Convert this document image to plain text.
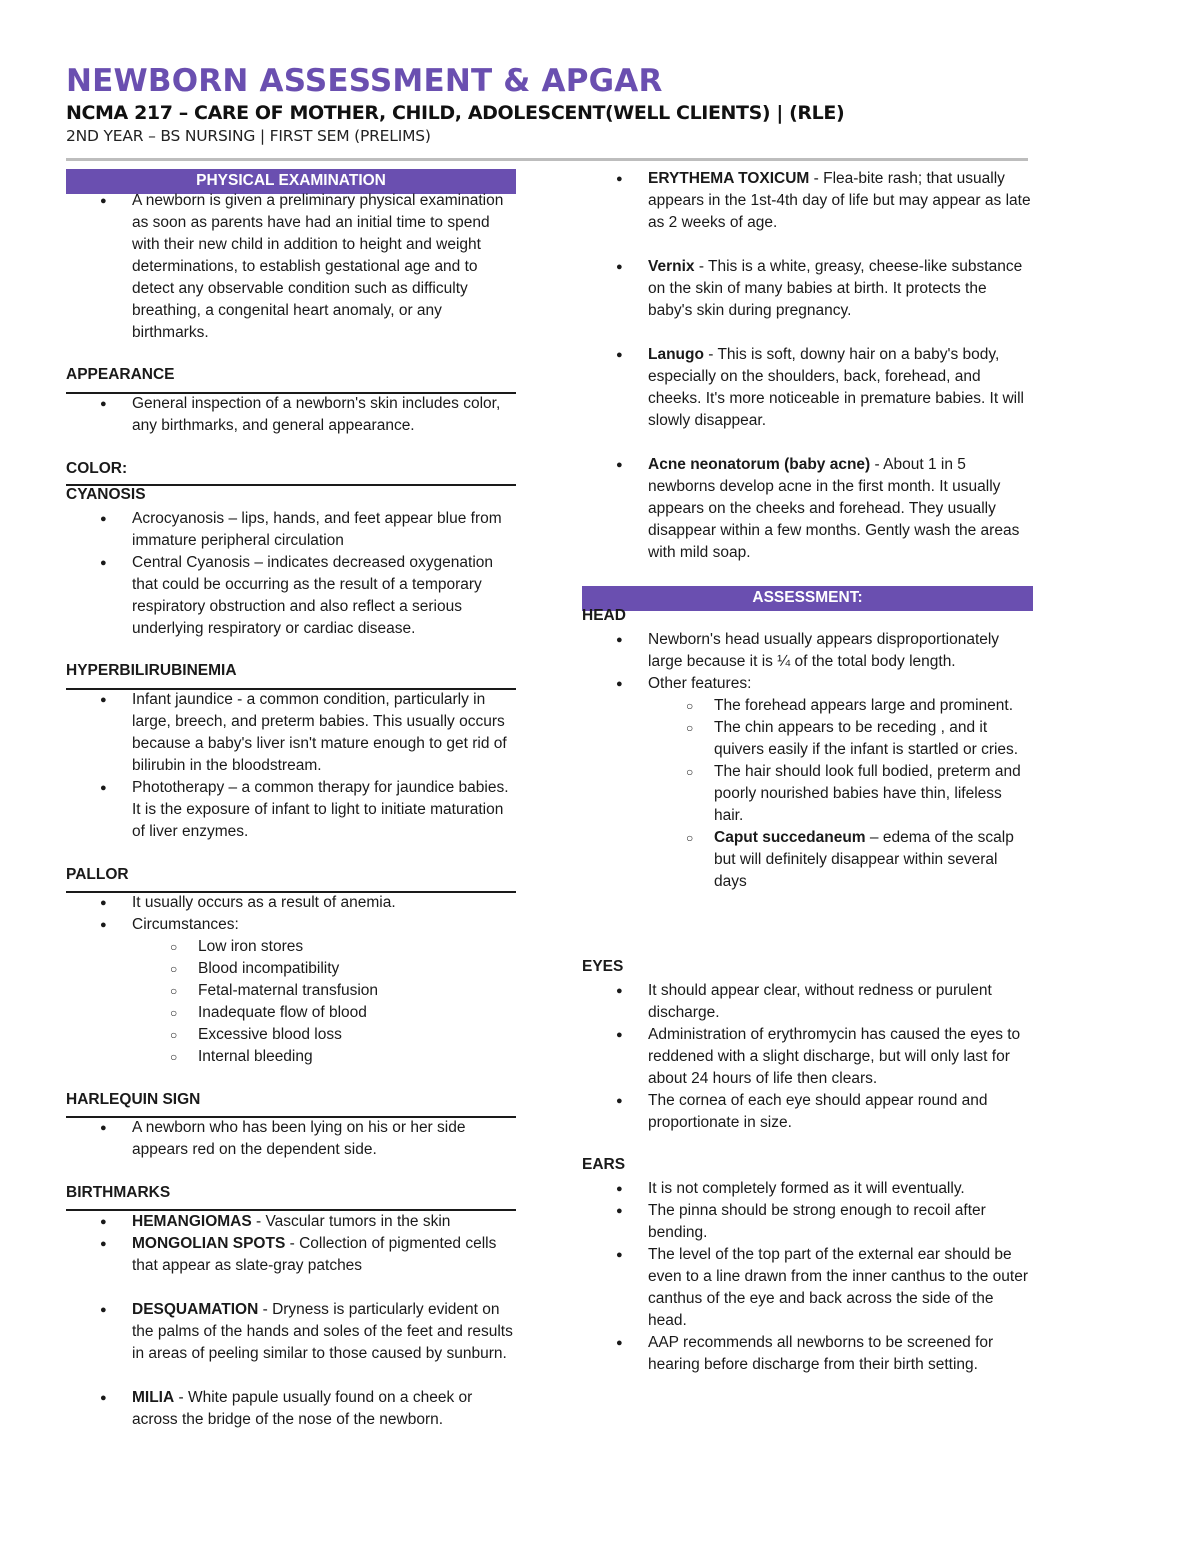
NEWBORN ASSESSMENT & APGAR
NCMA 217 – CARE OF MOTHER, CHILD, ADOLESCENT(WELL CLIENTS) | (RLE)
2ND YEAR – BS NURSING | FIRST SEM (PRELIMS)
PHYSICAL EXAMINATION
● A newborn is given a preliminary physical examination as soon as parents have had an initial time to spend with their new child in addition to height and weight determinations, to establish gestational age and to detect any observable condition such as difficulty breathing, a congenital heart anomaly, or any birthmarks.
APPEARANCE
● General inspection of a newborn's skin includes color, any birthmarks, and general appearance.
COLOR:
CYANOSIS
● Acrocyanosis – lips, hands, and feet appear blue from immature peripheral circulation
● Central Cyanosis – indicates decreased oxygenation that could be occurring as the result of a temporary respiratory obstruction and also reflect a serious underlying respiratory or cardiac disease.
HYPERBILIRUBINEMIA
● Infant jaundice - a common condition, particularly in large, breech, and preterm babies. This usually occurs because a baby's liver isn't mature enough to get rid of bilirubin in the bloodstream.
● Phototherapy – a common therapy for jaundice babies. It is the exposure of infant to light to initiate maturation of liver enzymes.
PALLOR
● It usually occurs as a result of anemia.
● Circumstances:
○ Low iron stores
○ Blood incompatibility
○ Fetal-maternal transfusion
○ Inadequate flow of blood
○ Excessive blood loss
○ Internal bleeding
HARLEQUIN SIGN
● A newborn who has been lying on his or her side appears red on the dependent side.
BIRTHMARKS
● HEMANGIOMAS - Vascular tumors in the skin
● MONGOLIAN SPOTS - Collection of pigmented cells that appear as slate-gray patches
● DESQUAMATION - Dryness is particularly evident on the palms of the hands and soles of the feet and results in areas of peeling similar to those caused by sunburn.
● MILIA - White papule usually found on a cheek or across the bridge of the nose of the newborn.
● ERYTHEMA TOXICUM - Flea-bite rash; that usually appears in the 1st-4th day of life but may appear as late as 2 weeks of age.
● Vernix - This is a white, greasy, cheese-like substance on the skin of many babies at birth. It protects the baby's skin during pregnancy.
● Lanugo - This is soft, downy hair on a baby's body, especially on the shoulders, back, forehead, and cheeks. It's more noticeable in premature babies. It will slowly disappear.
● Acne neonatorum (baby acne) - About 1 in 5 newborns develop acne in the first month. It usually appears on the cheeks and forehead. They usually disappear within a few months. Gently wash the areas with mild soap.
ASSESSMENT:
HEAD
● Newborn's head usually appears disproportionately large because it is ¼ of the total body length.
● Other features:
○ The forehead appears large and prominent.
○ The chin appears to be receding , and it quivers easily if the infant is startled or cries.
○ The hair should look full bodied, preterm and poorly nourished babies have thin, lifeless hair.
○ Caput succedaneum – edema of the scalp but will definitely disappear within several days
EYES
● It should appear clear, without redness or purulent discharge.
● Administration of erythromycin has caused the eyes to reddened with a slight discharge, but will only last for about 24 hours of life then clears.
● The cornea of each eye should appear round and proportionate in size.
EARS
● It is not completely formed as it will eventually.
● The pinna should be strong enough to recoil after bending.
● The level of the top part of the external ear should be even to a line drawn from the inner canthus to the outer canthus of the eye and back across the side of the head.
● AAP recommends all newborns to be screened for hearing before discharge from their birth setting.
